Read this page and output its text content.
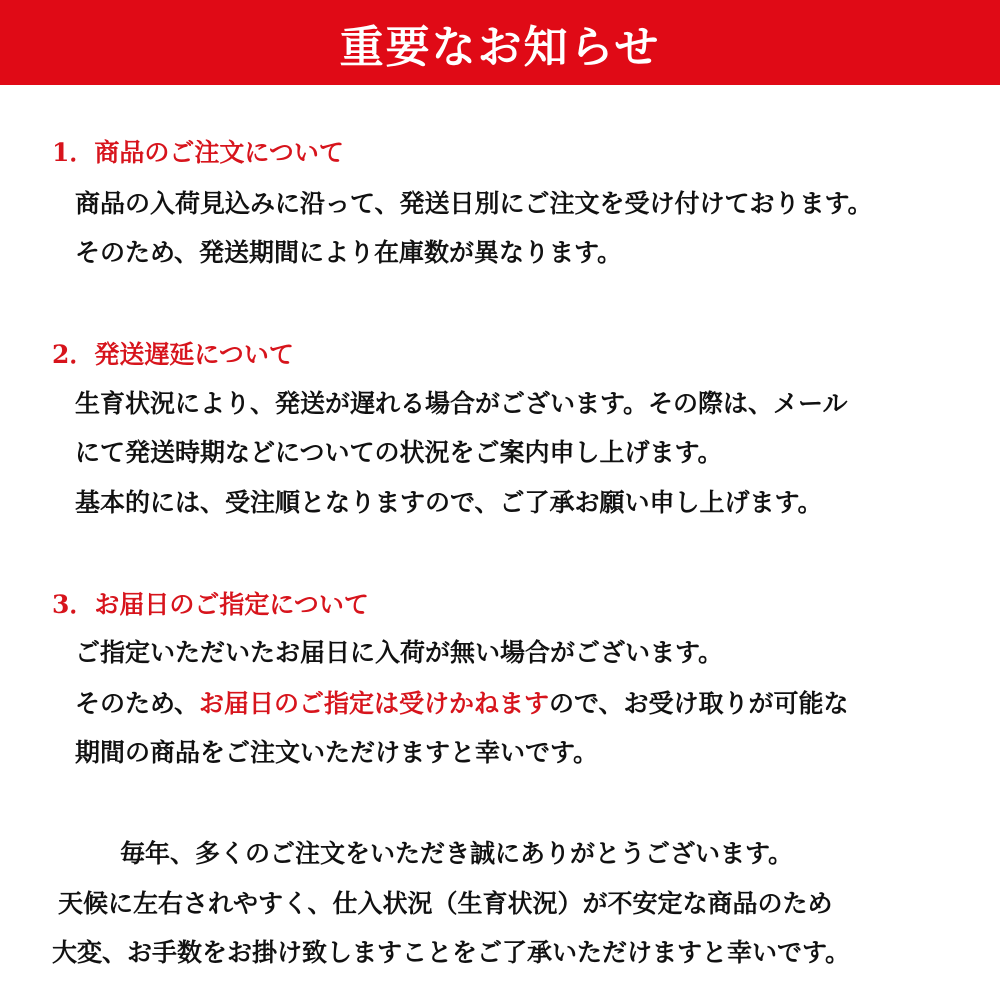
重要なお知らせ
1．商品のご注文について
商品の入荷見込みに沿って、発送日別にご注文を受け付けております。
そのため、発送期間により在庫数が異なります。
2．発送遅延について
生育状況により、発送が遅れる場合がございます。その際は、メール
にて発送時期などについての状況をご案内申し上げます。
基本的には、受注順となりますので、ご了承お願い申し上げます。
3．お届日のご指定について
ご指定いただいたお届日に入荷が無い場合がございます。
そのため、お届日のご指定は受けかねますので、お受け取りが可能な
期間の商品をご注文いただけますと幸いです。
毎年、多くのご注文をいただき誠にありがとうございます。
天候に左右されやすく、仕入状況（生育状況）が不安定な商品のため
大変、お手数をお掛け致しますことをご了承いただけますと幸いです。
